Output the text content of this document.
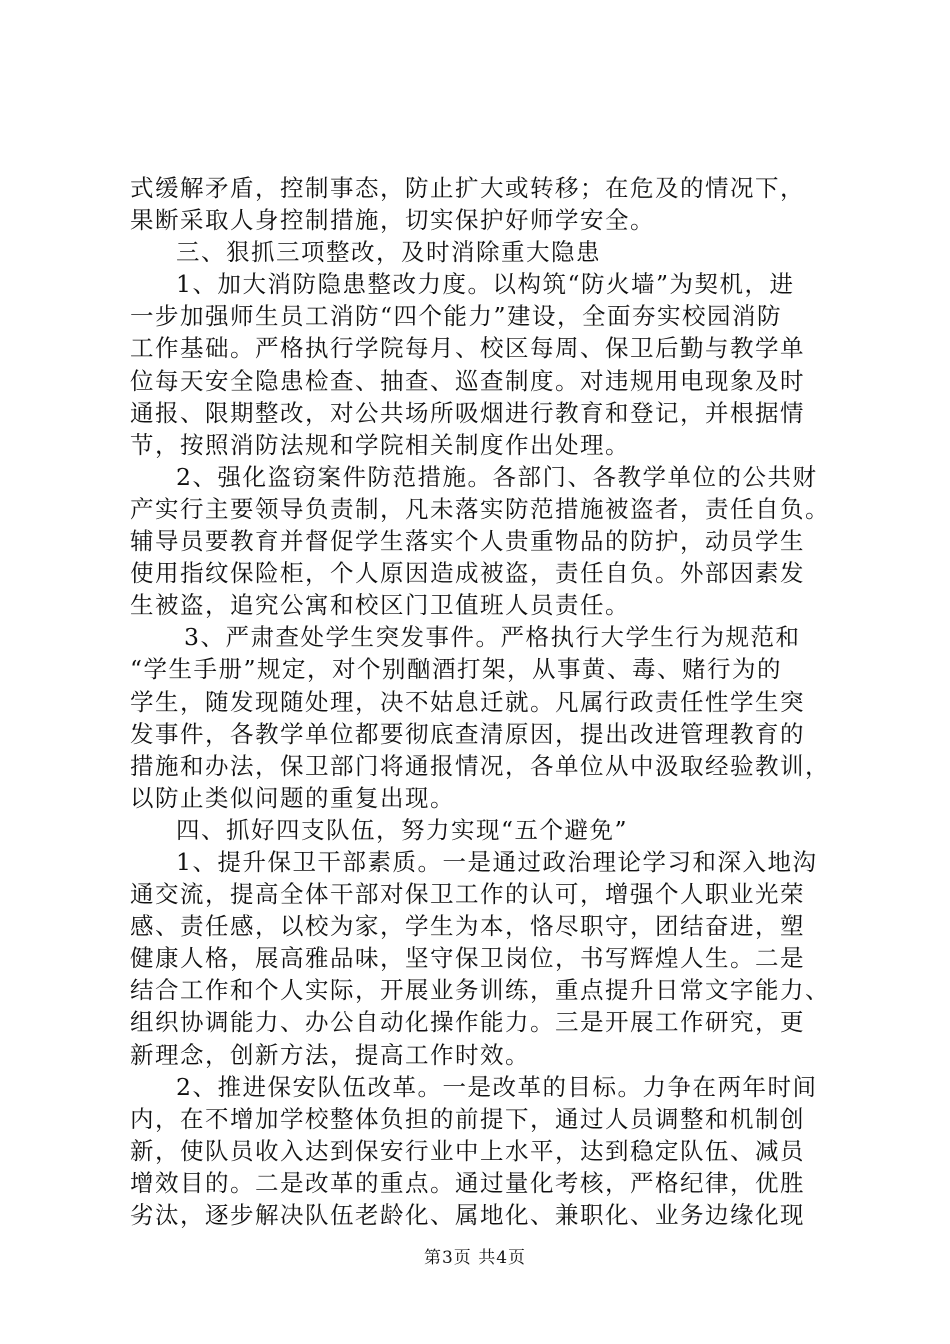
式缓解矛盾，控制事态，防止扩大或转移；在危及的情况下，
果断采取人身控制措施，切实保护好师学安全。
三、狠抓三项整改，及时消除重大隐患
1、加大消防隐患整改力度。以构筑“防火墙”为契机，进
一步加强师生员工消防“四个能力”建设，全面夯实校园消防
工作基础。严格执行学院每月、校区每周、保卫后勤与教学单
位每天安全隐患检查、抽查、巡查制度。对违规用电现象及时
通报、限期整改，对公共场所吸烟进行教育和登记，并根据情
节，按照消防法规和学院相关制度作出处理。
2、强化盗窃案件防范措施。各部门、各教学单位的公共财
产实行主要领导负责制，凡未落实防范措施被盗者，责任自负。
辅导员要教育并督促学生落实个人贵重物品的防护，动员学生
使用指纹保险柜，个人原因造成被盗，责任自负。外部因素发
生被盗，追究公寓和校区门卫值班人员责任。
3、严肃查处学生突发事件。严格执行大学生行为规范和
“学生手册”规定，对个别酗酒打架，从事黄、毒、赌行为的
学生，随发现随处理，决不姑息迁就。凡属行政责任性学生突
发事件，各教学单位都要彻底查清原因，提出改进管理教育的
措施和办法，保卫部门将通报情况，各单位从中汲取经验教训，
以防止类似问题的重复出现。
四、抓好四支队伍，努力实现“五个避免”
1、提升保卫干部素质。一是通过政治理论学习和深入地沟
通交流，提高全体干部对保卫工作的认可，增强个人职业光荣
感、责任感，以校为家，学生为本，恪尽职守，团结奋进，塑
健康人格，展高雅品味，坚守保卫岗位，书写辉煌人生。二是
结合工作和个人实际，开展业务训练，重点提升日常文字能力、
组织协调能力、办公自动化操作能力。三是开展工作研究，更
新理念，创新方法，提高工作时效。
2、推进保安队伍改革。一是改革的目标。力争在两年时间
内，在不增加学校整体负担的前提下，通过人员调整和机制创
新，使队员收入达到保安行业中上水平，达到稳定队伍、减员
增效目的。二是改革的重点。通过量化考核，严格纪律，优胜
劣汰，逐步解决队伍老龄化、属地化、兼职化、业务边缘化现
第3页 共4页
